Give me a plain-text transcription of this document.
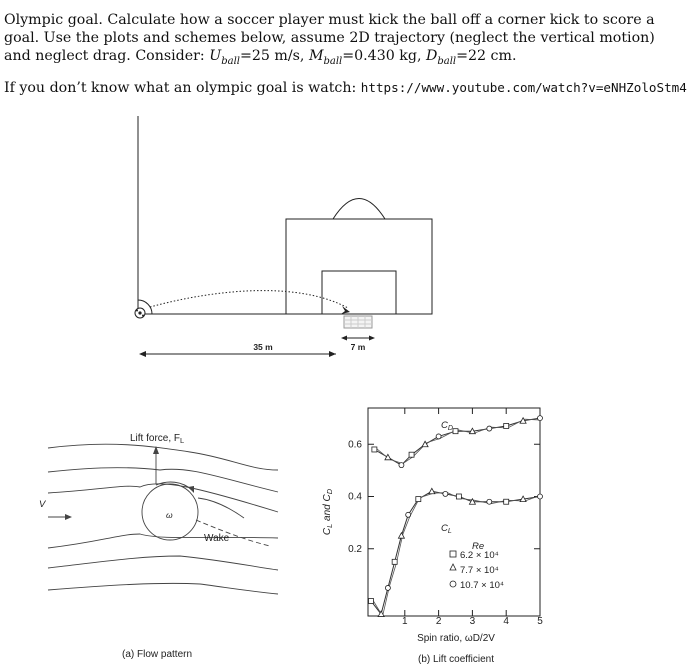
Olympic goal. Calculate how a soccer player must kick the ball off a corner kick to score a goal. Use the plots and schemes below, assume 2D trajectory (neglect the vertical motion) and neglect drag. Consider: $U_{ball}=25$ m/s, $M_{ball}=0.430$ kg, $D_{ball}=22$ cm.
If you don’t know what an olympic goal is watch: https://www.youtube.com/watch?v=eNHZoloStm4
35 m	7 m
Lift force, $F_L$
V
ω
Wake
(a) Flow pattern
0.2
0.4
0.6
1	2	3	4	5
$C_L$ and $C_D$
Spin ratio, ωD/2V
(b) Lift coefficient
$C_D$
$C_L$
Re
6.2 × 10⁴
7.7 × 10⁴
10.7 × 10⁴
